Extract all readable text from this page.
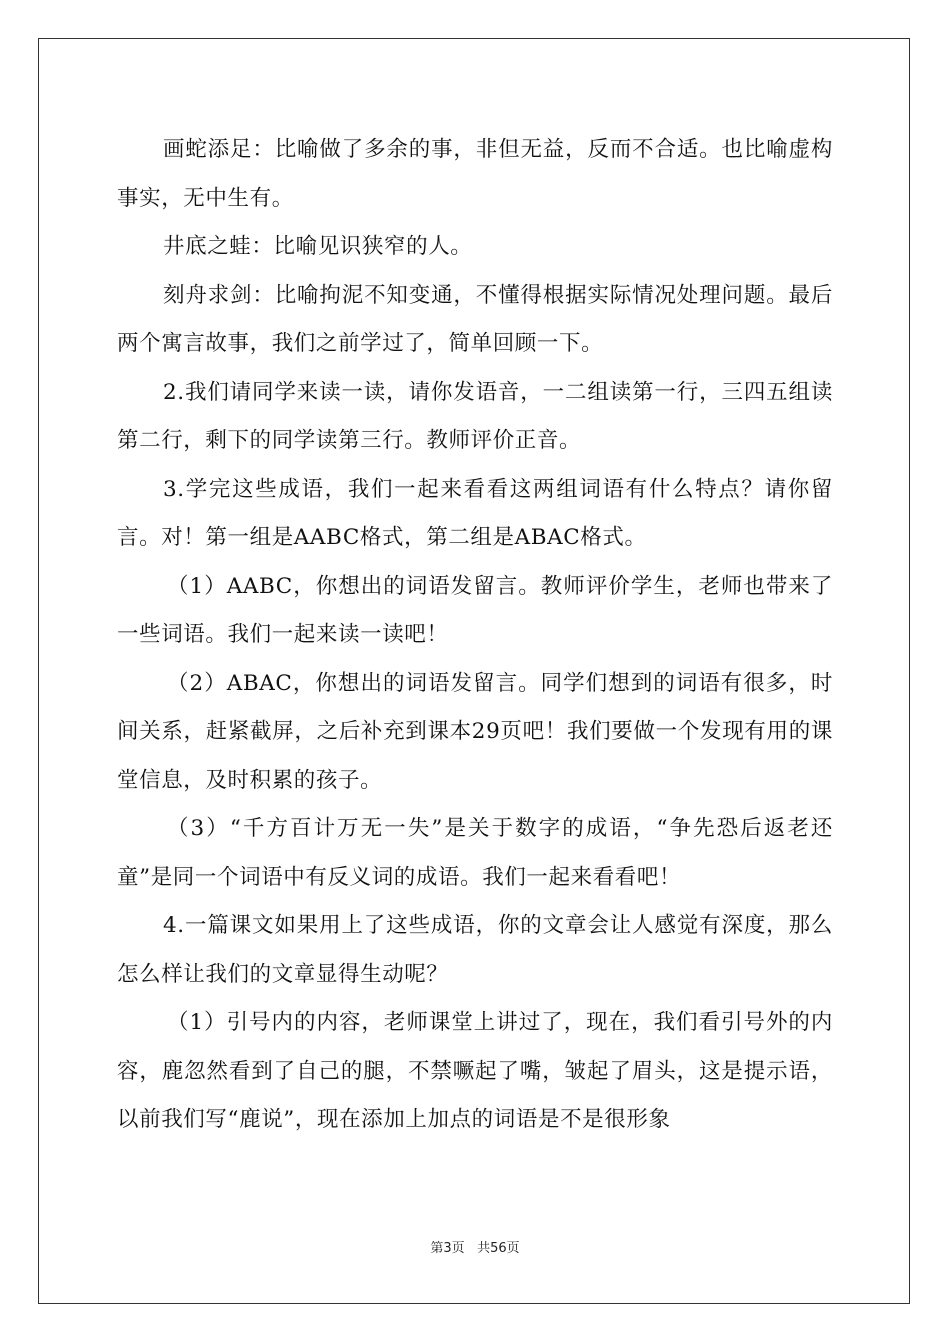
画蛇添足：比喻做了多余的事，非但无益，反而不合适。也比喻虚构事实，无中生有。

井底之蛙：比喻见识狭窄的人。

刻舟求剑：比喻拘泥不知变通，不懂得根据实际情况处理问题。最后两个寓言故事，我们之前学过了，简单回顾一下。

2.我们请同学来读一读，请你发语音，一二组读第一行，三四五组读第二行，剩下的同学读第三行。教师评价正音。

3.学完这些成语，我们一起来看看这两组词语有什么特点？请你留言。对！第一组是AABC格式，第二组是ABAC格式。

（1）AABC，你想出的词语发留言。教师评价学生，老师也带来了一些词语。我们一起来读一读吧！

（2）ABAC，你想出的词语发留言。同学们想到的词语有很多，时间关系，赶紧截屏，之后补充到课本29页吧！我们要做一个发现有用的课堂信息，及时积累的孩子。

（3）“千方百计万无一失”是关于数字的成语，“争先恐后返老还童”是同一个词语中有反义词的成语。我们一起来看看吧！

4.一篇课文如果用上了这些成语，你的文章会让人感觉有深度，那么怎么样让我们的文章显得生动呢？

（1）引号内的内容，老师课堂上讲过了，现在，我们看引号外的内容，鹿忽然看到了自己的腿，不禁噘起了嘴，皱起了眉头，这是提示语，以前我们写“鹿说”，现在添加上加点的词语是不是很形象

第3页 共56页
